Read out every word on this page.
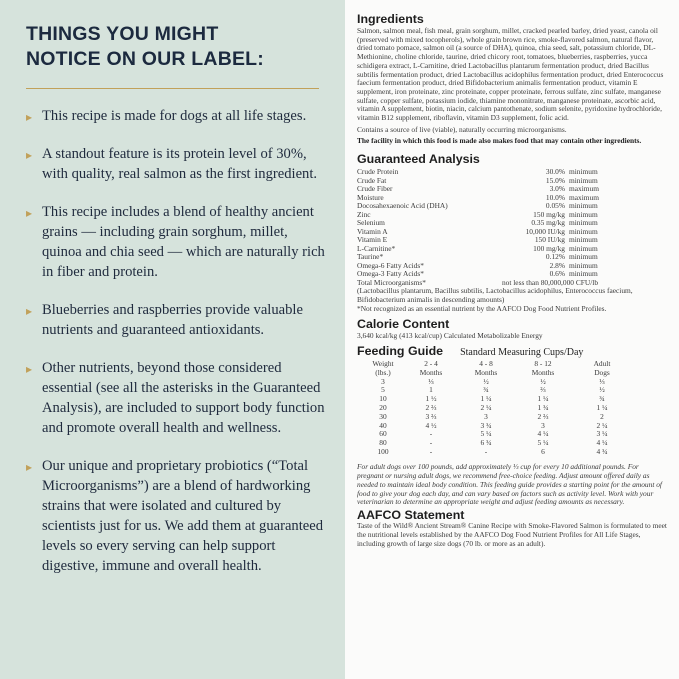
THINGS YOU MIGHT
NOTICE ON OUR LABEL:
▸ This recipe is made for dogs at all life stages.
▸ A standout feature is its protein level of 30%, with quality, real salmon as the first ingredient.
▸ This recipe includes a blend of healthy ancient grains — including grain sorghum, millet, quinoa and chia seed — which are naturally rich in fiber and protein.
▸ Blueberries and raspberries provide valuable nutrients and guaranteed antioxidants.
▸ Other nutrients, beyond those considered essential (see all the asterisks in the Guaranteed Analysis), are included to support body function and promote overall health and wellness.
▸ Our unique and proprietary probiotics (“Total Microorganisms”) are a blend of hardworking strains that were isolated and cultured by scientists just for us. We add them at guaranteed levels so every serving can help support digestive, immune and overall health.
Ingredients
Salmon, salmon meal, fish meal, grain sorghum, millet, cracked pearled barley, dried yeast, canola oil (preserved with mixed tocopherols), whole grain brown rice, smoke-flavored salmon, natural flavor, dried tomato pomace, salmon oil (a source of DHA), quinoa, chia seed, salt, potassium chloride, DL-Methionine, choline chloride, taurine, dried chicory root, tomatoes, blueberries, raspberries, yucca schidigera extract, L-Carnitine, dried Lactobacillus plantarum fermentation product, dried Bacillus subtilis fermentation product, dried Lactobacillus acidophilus fermentation product, dried Enterococcus faecium fermentation product, dried Bifidobacterium animalis fermentation product, vitamin E supplement, iron proteinate, zinc proteinate, copper proteinate, ferrous sulfate, zinc sulfate, manganese sulfate, copper sulfate, potassium iodide, thiamine mononitrate, manganese proteinate, ascorbic acid, vitamin A supplement, biotin, niacin, calcium pantothenate, sodium selenite, pyridoxine hydrochloride, vitamin B12 supplement, riboflavin, vitamin D3 supplement, folic acid.
Contains a source of live (viable), naturally occurring microorganisms.
The facility in which this food is made also makes food that may contain other ingredients.
Guaranteed Analysis
Crude Protein	30.0%	minimum
Crude Fat	15.0%	minimum
Crude Fiber	3.0%	maximum
Moisture	10.0%	maximum
Docosahexaenoic Acid (DHA)	0.05%	minimum
Zinc	150 mg/kg	minimum
Selenium	0.35 mg/kg	minimum
Vitamin A	10,000 IU/kg	minimum
Vitamin E	150 IU/kg	minimum
L-Carnitine*	100 mg/kg	minimum
Taurine*	0.12%	minimum
Omega-6 Fatty Acids*	2.8%	minimum
Omega-3 Fatty Acids*	0.6%	minimum
Total Microorganisms*	not less than 80,000,000 CFU/lb
(Lactobacillus plantarum, Bacillus subtilis, Lactobacillus acidophilus, Enterococcus faecium, Bifidobacterium animalis in descending amounts)
*Not recognized as an essential nutrient by the AAFCO Dog Food Nutrient Profiles.
Calorie Content
3,640 kcal/kg (413 kcal/cup) Calculated Metabolizable Energy
Feeding Guide Standard Measuring Cups/Day
Weight	2 - 4	4 - 8	8 - 12	Adult
(lbs.)	Months	Months	Months	Dogs
3	⅓	½	½	⅓
5	1	¾	⅔	½
10	1 ½	1 ¼	1 ¼	¾
20	2 ⅔	2 ¼	1 ¾	1 ¼
30	3 ⅔	3	2 ⅔	2
40	4 ½	3 ¾	3	2 ¼
60	-	5 ¼	4 ¼	3 ¼
80	-	6 ¾	5 ¼	4 ¼
100	-	-	6	4 ¾
For adult dogs over 100 pounds, add approximately ⅓ cup for every 10 additional pounds. For pregnant or nursing adult dogs, we recommend free-choice feeding. Adjust amount offered daily as needed to maintain ideal body condition. This feeding guide provides a starting point for the amount of food to give your dog each day, and can vary based on factors such as activity level. Work with your veterinarian to determine an appropriate weight and adjust feeding amounts as necessary.
AAFCO Statement
Taste of the Wild® Ancient Stream® Canine Recipe with Smoke-Flavored Salmon is formulated to meet the nutritional levels established by the AAFCO Dog Food Nutrient Profiles for All Life Stages, including growth of large size dogs (70 lb. or more as an adult).
